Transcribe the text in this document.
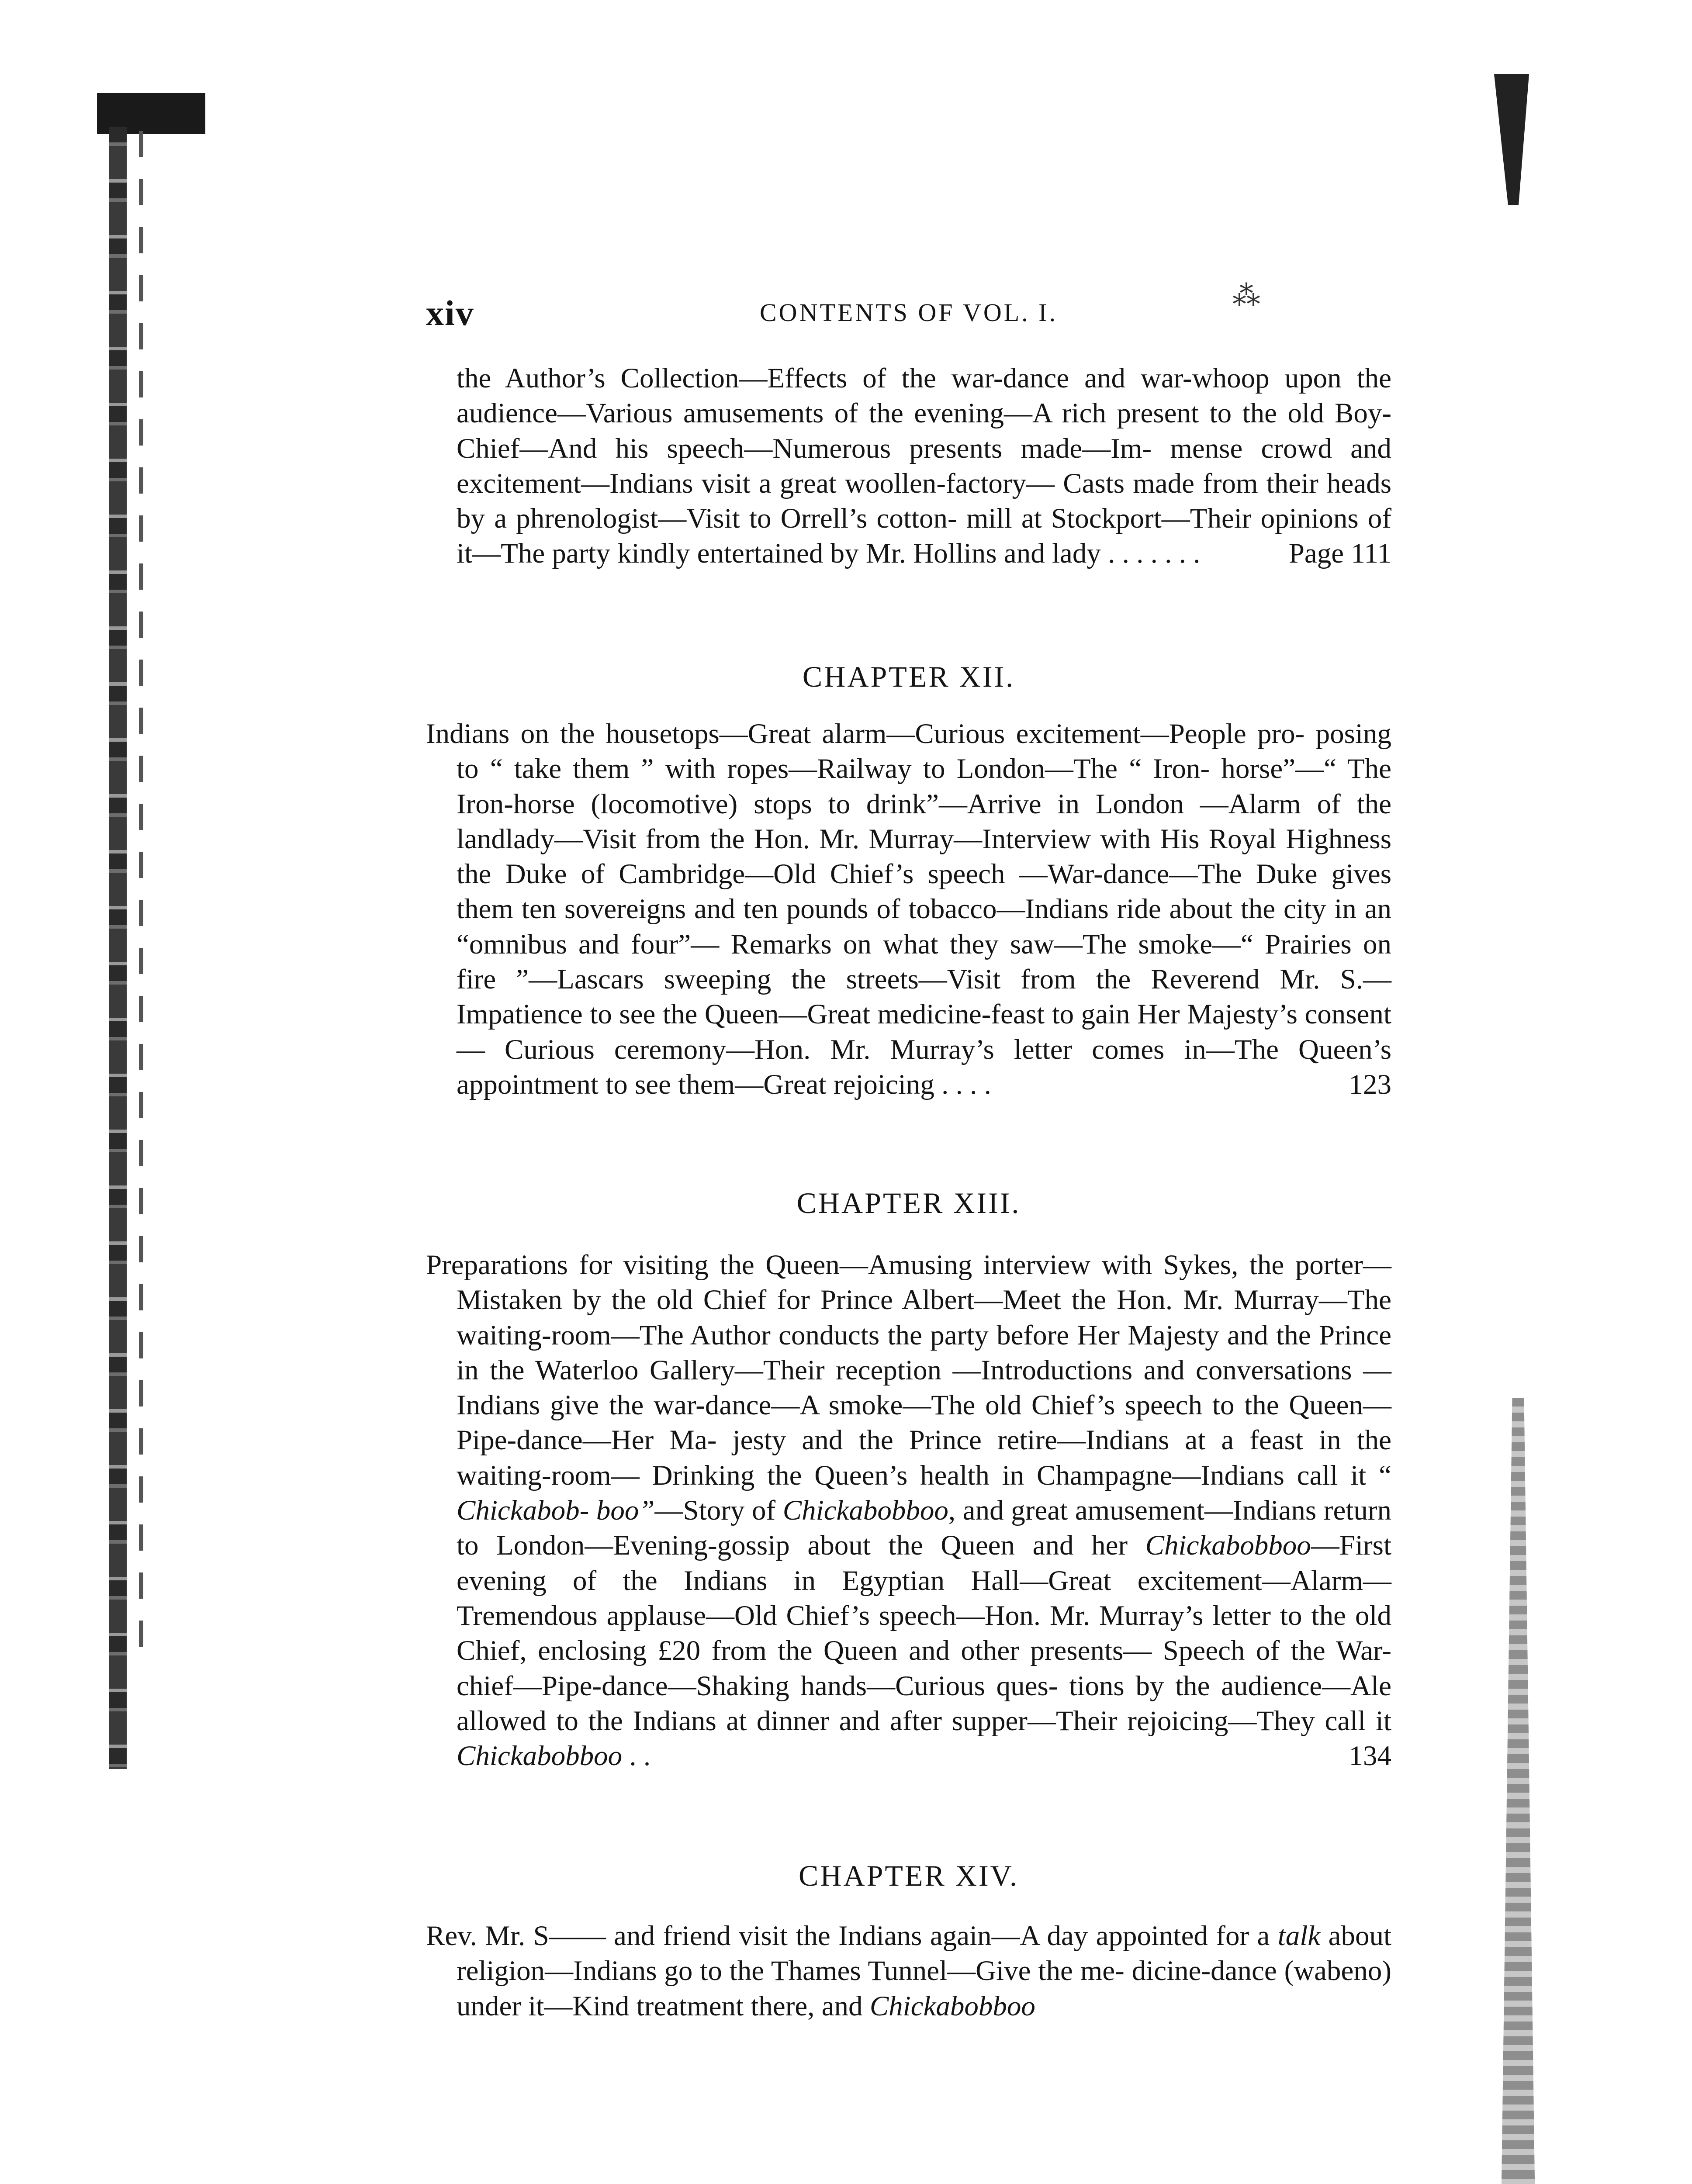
xiv	CONTENTS OF VOL. I.
⁂

the Author’s Collection—Effects of the war-dance and war-whoop upon the audience—Various amusements of the evening—A rich present to the old Boy-Chief—And his speech—Numerous presents made—Im- mense crowd and excitement—Indians visit a great woollen-factory— Casts made from their heads by a phrenologist—Visit to Orrell’s cotton- mill at Stockport—Their opinions of it—The party kindly entertained by Mr. Hollins and lady . . . . . . .	Page 111

CHAPTER XII.

Indians on the housetops—Great alarm—Curious excitement—People pro- posing to “ take them ” with ropes—Railway to London—The “ Iron- horse”—“ The Iron-horse (locomotive) stops to drink”—Arrive in London —Alarm of the landlady—Visit from the Hon. Mr. Murray—Interview with His Royal Highness the Duke of Cambridge—Old Chief’s speech —War-dance—The Duke gives them ten sovereigns and ten pounds of tobacco—Indians ride about the city in an “omnibus and four”— Remarks on what they saw—The smoke—“ Prairies on fire ”—Lascars sweeping the streets—Visit from the Reverend Mr. S.—Impatience to see the Queen—Great medicine-feast to gain Her Majesty’s consent— Curious ceremony—Hon. Mr. Murray’s letter comes in—The Queen’s appointment to see them—Great rejoicing . . . .	123

CHAPTER XIII.

Preparations for visiting the Queen—Amusing interview with Sykes, the porter—Mistaken by the old Chief for Prince Albert—Meet the Hon. Mr. Murray—The waiting-room—The Author conducts the party before Her Majesty and the Prince in the Waterloo Gallery—Their reception —Introductions and conversations — Indians give the war-dance—A smoke—The old Chief’s speech to the Queen—Pipe-dance—Her Ma- jesty and the Prince retire—Indians at a feast in the waiting-room— Drinking the Queen’s health in Champagne—Indians call it “ Chickabob- boo”—Story of Chickabobboo, and great amusement—Indians return to London—Evening-gossip about the Queen and her Chickabobboo—First evening of the Indians in Egyptian Hall—Great excitement—Alarm— Tremendous applause—Old Chief’s speech—Hon. Mr. Murray’s letter to the old Chief, enclosing £20 from the Queen and other presents— Speech of the War-chief—Pipe-dance—Shaking hands—Curious ques- tions by the audience—Ale allowed to the Indians at dinner and after supper—Their rejoicing—They call it Chickabobboo . .	134

CHAPTER XIV.

Rev. Mr. S—— and friend visit the Indians again—A day appointed for a talk about religion—Indians go to the Thames Tunnel—Give the me- dicine-dance (wabeno) under it—Kind treatment there, and Chickabobboo
